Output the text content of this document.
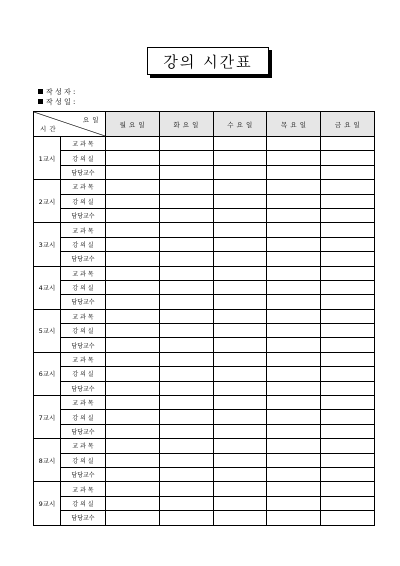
강의 시간표
작 성 자 :
작 성 일 :
요 일
시 간		월 요 일	화 요 일	수 요 일	목 요 일	금 요 일
1교시	교 과 목					
	강 의 실					
	담당교수					
2교시	교 과 목					
	강 의 실					
	담당교수					
3교시	교 과 목					
	강 의 실					
	담당교수					
4교시	교 과 목					
	강 의 실					
	담당교수					
5교시	교 과 목					
	강 의 실					
	담당교수					
6교시	교 과 목					
	강 의 실					
	담당교수					
7교시	교 과 목					
	강 의 실					
	담당교수					
8교시	교 과 목					
	강 의 실					
	담당교수					
9교시	교 과 목					
	강 의 실					
	담당교수					
